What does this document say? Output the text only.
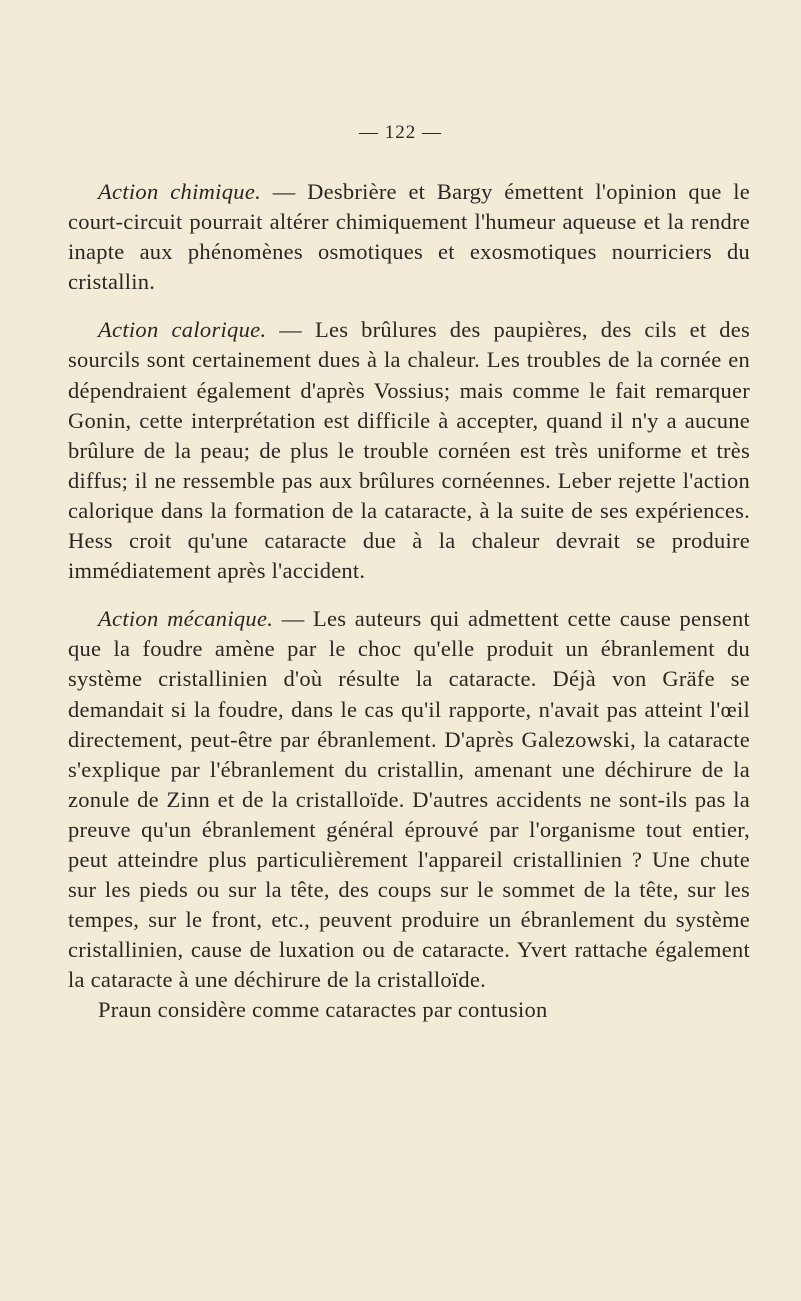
— 122 —

Action chimique. — Desbrière et Bargy émettent l'opinion que le court-circuit pourrait altérer chimiquement l'humeur aqueuse et la rendre inapte aux phénomènes osmotiques et exosmotiques nourriciers du cristallin.

Action calorique. — Les brûlures des paupières, des cils et des sourcils sont certainement dues à la chaleur. Les troubles de la cornée en dépendraient également d'après Vossius; mais comme le fait remarquer Gonin, cette interprétation est difficile à accepter, quand il n'y a aucune brûlure de la peau; de plus le trouble cornéen est très uniforme et très diffus; il ne ressemble pas aux brûlures cornéennes. Leber rejette l'action calorique dans la formation de la cataracte, à la suite de ses expériences. Hess croit qu'une cataracte due à la chaleur devrait se produire immédiatement après l'accident.

Action mécanique. — Les auteurs qui admettent cette cause pensent que la foudre amène par le choc qu'elle produit un ébranlement du système cristallinien d'où résulte la cataracte. Déjà von Gräfe se demandait si la foudre, dans le cas qu'il rapporte, n'avait pas atteint l'œil directement, peut-être par ébranlement. D'après Galezowski, la cataracte s'explique par l'ébranlement du cristallin, amenant une déchirure de la zonule de Zinn et de la cristalloïde. D'autres accidents ne sont-ils pas la preuve qu'un ébranlement général éprouvé par l'organisme tout entier, peut atteindre plus particulièrement l'appareil cristallinien ? Une chute sur les pieds ou sur la tête, des coups sur le sommet de la tête, sur les tempes, sur le front, etc., peuvent produire un ébranlement du système cristallinien, cause de luxation ou de cataracte. Yvert rattache également la cataracte à une déchirure de la cristalloïde.

Praun considère comme cataractes par contusion
